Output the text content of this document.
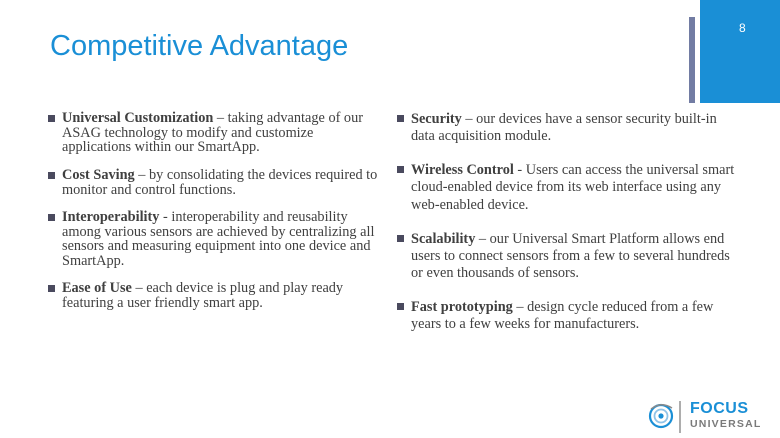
8
Competitive Advantage
Universal Customization – taking advantage of our ASAG technology to modify and customize applications within our SmartApp.
Cost Saving – by consolidating the devices required to monitor and control functions.
Interoperability - interoperability and reusability among various sensors are achieved by centralizing all sensors and measuring equipment into one device and SmartApp.
Ease of Use – each device is plug and play ready featuring a user friendly smart app.
Security – our devices have a sensor security built-in data acquisition module.
Wireless Control - Users can access the universal smart cloud-enabled device from its web interface using any web-enabled device.
Scalability – our Universal Smart Platform allows end users to connect sensors from a few to several hundreds or even thousands of sensors.
Fast prototyping – design cycle reduced from a few years to a few weeks for manufacturers.
FOCUS
UNIVERSAL
